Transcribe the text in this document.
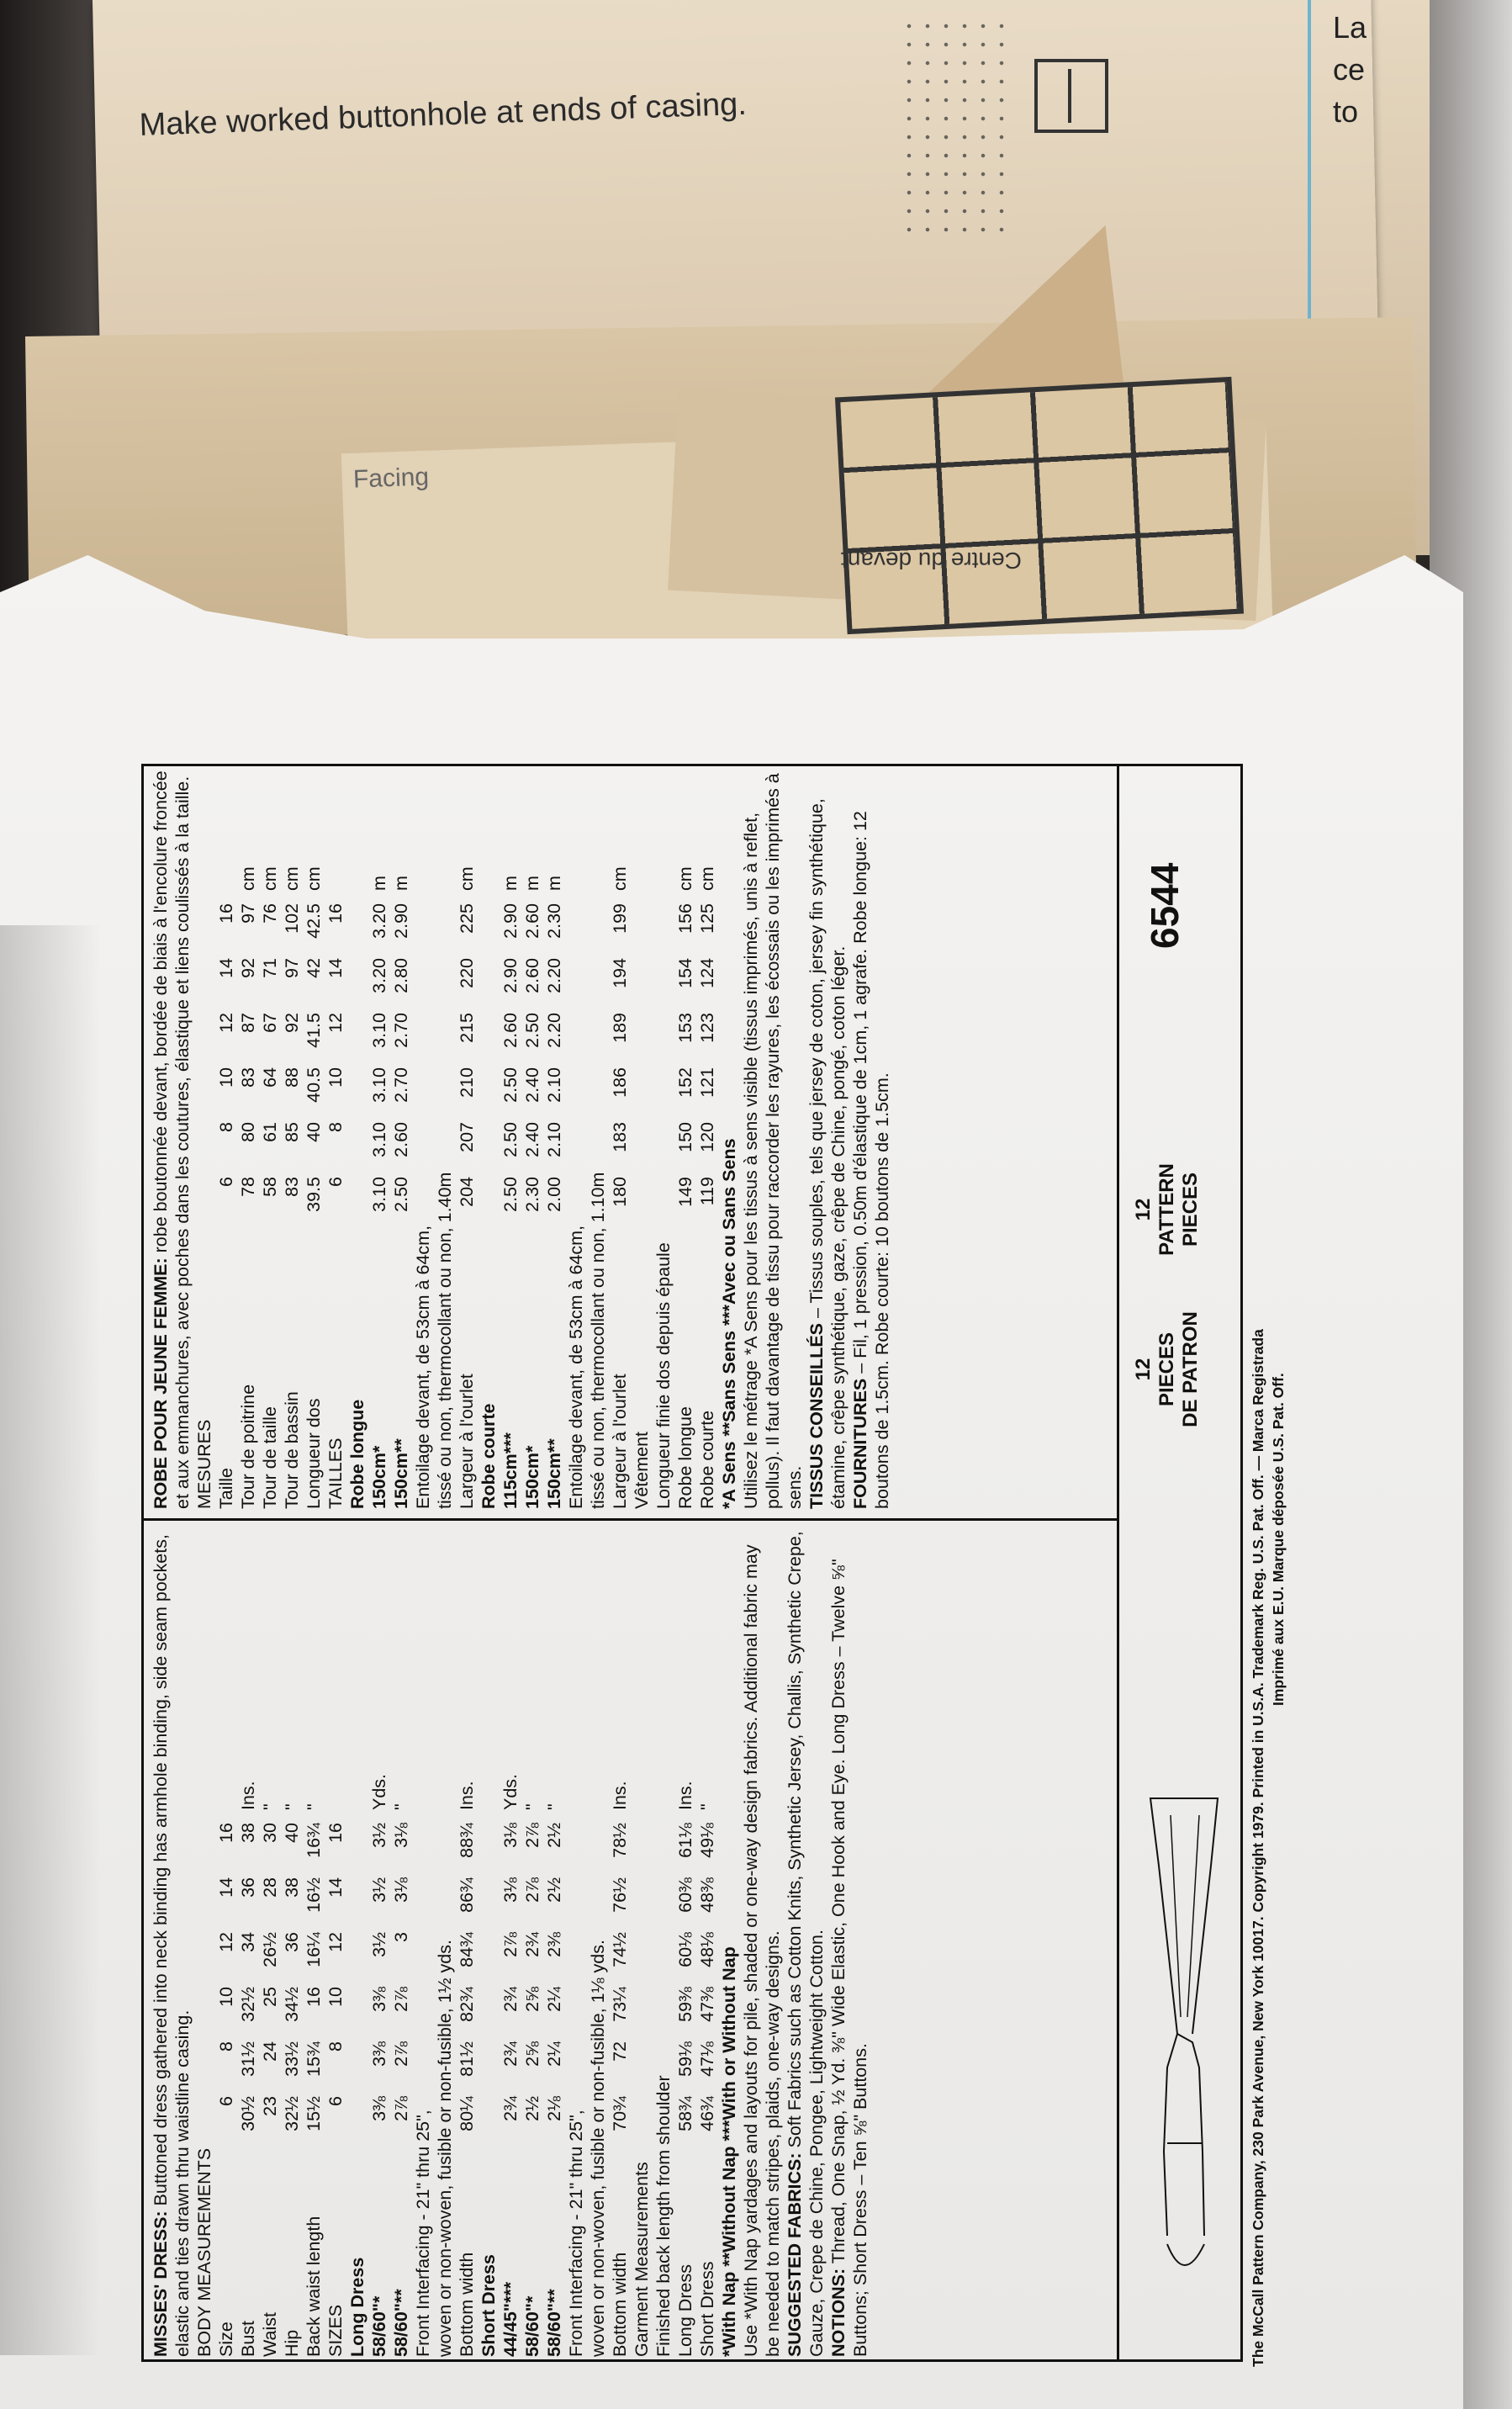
La
ce
to
Make worked buttonhole at ends of casing.
Centre du devant
Facing
MISSES' DRESS: Buttoned dress gathered into neck binding has armhole binding, side seam pockets, elastic and ties drawn thru waistline casing. BODY MEASUREMENTS Size
6
8
10
12
14
16
Bust
30½
31½
32½
34
36
38
Ins.
Waist
23
24
25
26½
28
30
"
Hip
32½
33½
34½
36
38
40
"
Back waist length
15½
15¾
16
16¼
16½
16¾
"
SIZES
6
8
10
12
14
16
Long Dress 58/60"*
3⅜
3⅜
3⅜
3½
3½
3½
Yds.
58/60"**
2⅞
2⅞
2⅞
3
3⅛
3⅛
"
Front Interfacing - 21" thru 25", woven or non-woven, fusible or non-fusible, 1½ yds. Bottom width
80¼
81½
82¾
84¾
86¾
88¾
Ins.
Short Dress 44/45"***
2¾
2¾
2¾
2⅞
3⅛
3⅛
Yds.
58/60"*
2½
2⅝
2⅝
2¾
2⅞
2⅞
"
58/60"**
2⅛
2¼
2¼
2⅜
2½
2½
"
Front Interfacing - 21" thru 25", woven or non-woven, fusible or non-fusible, 1⅛ yds. Bottom width
70¾
72
73¼
74½
76½
78½
Ins.
Garment Measurements Finished back length from shoulder Long Dress
58¾
59⅛
59⅜
60⅛
60⅜
61⅛
Ins.
Short Dress
46¾
47⅛
47⅜
48⅛
48⅜
49⅛
"
*With Nap **Without Nap ***With or Without Nap Use *With Nap yardages and layouts for pile, shaded or one-way design fabrics. Additional fabric may be needed to match stripes, plaids, one-way designs. SUGGESTED FABRICS: Soft Fabrics such as Cotton Knits, Synthetic Jersey, Challis, Synthetic Crepe, Gauze, Crepe de Chine, Pongee, Lightweight Cotton. NOTIONS: Thread, One Snap, ½ Yd. ⅜" Wide Elastic, One Hook and Eye. Long Dress – Twelve ⅝" Buttons; Short Dress – Ten ⅝" Buttons.
ROBE POUR JEUNE FEMME: robe boutonnée devant, bordée de biais à l'encolure froncée et aux emmanchures, avec poches dans les coutures, élastique et liens coulissés à la taille. MESURES Taille
6
8
10
12
14
16
Tour de poitrine
78
80
83
87
92
97
cm
Tour de taille
58
61
64
67
71
76
cm
Tour de bassin
83
85
88
92
97
102
cm
Longueur dos
39.5
40
40.5
41.5
42
42.5
cm
TAILLES
6
8
10
12
14
16
Robe longue 150cm*
3.10
3.10
3.10
3.10
3.20
3.20
m
150cm**
2.50
2.60
2.70
2.70
2.80
2.90
m
Entoilage devant, de 53cm à 64cm, tissé ou non, thermocollant ou non, 1.40m Largeur à l'ourlet
204
207
210
215
220
225
cm
Robe courte 115cm***
2.50
2.50
2.50
2.60
2.90
2.90
m
150cm*
2.30
2.40
2.40
2.50
2.60
2.60
m
150cm**
2.00
2.10
2.10
2.20
2.20
2.30
m
Entoilage devant, de 53cm à 64cm, tissé ou non, thermocollant ou non, 1.10m Largeur à l'ourlet
180
183
186
189
194
199
cm
Vêtement Longueur finie dos depuis épaule Robe longue
149
150
152
153
154
156
cm
Robe courte
119
120
121
123
124
125
cm
*A Sens **Sans Sens ***Avec ou Sans Sens Utilisez le métrage *A Sens pour les tissus à sens visible (tissus imprimés, unis à reflet, pollus). Il faut davantage de tissu pour raccorder les rayures, les écossais ou les imprimés à sens. TISSUS CONSEILLÉS – Tissus souples, tels que jersey de coton, jersey fin synthétique, étamine, crêpe synthétique, gaze, crêpe de Chine, pongé, coton léger. FOURNITURES – Fil, 1 pression, 0.50m d'élastique de 1cm, 1 agrafe. Robe longue: 12 boutons de 1.5cm. Robe courte: 10 boutons de 1.5cm.
6544
12 PATTERN PIECES
12 PIECES DE PATRON	The McCall Pattern Company, 230 Park Avenue, New York 10017. Copyright 1979. Printed in U.S.A. Trademark Reg. U.S. Pat. Off. — Marca Registrada Imprimé aux E.U. Marque déposée U.S. Pat. Off.
